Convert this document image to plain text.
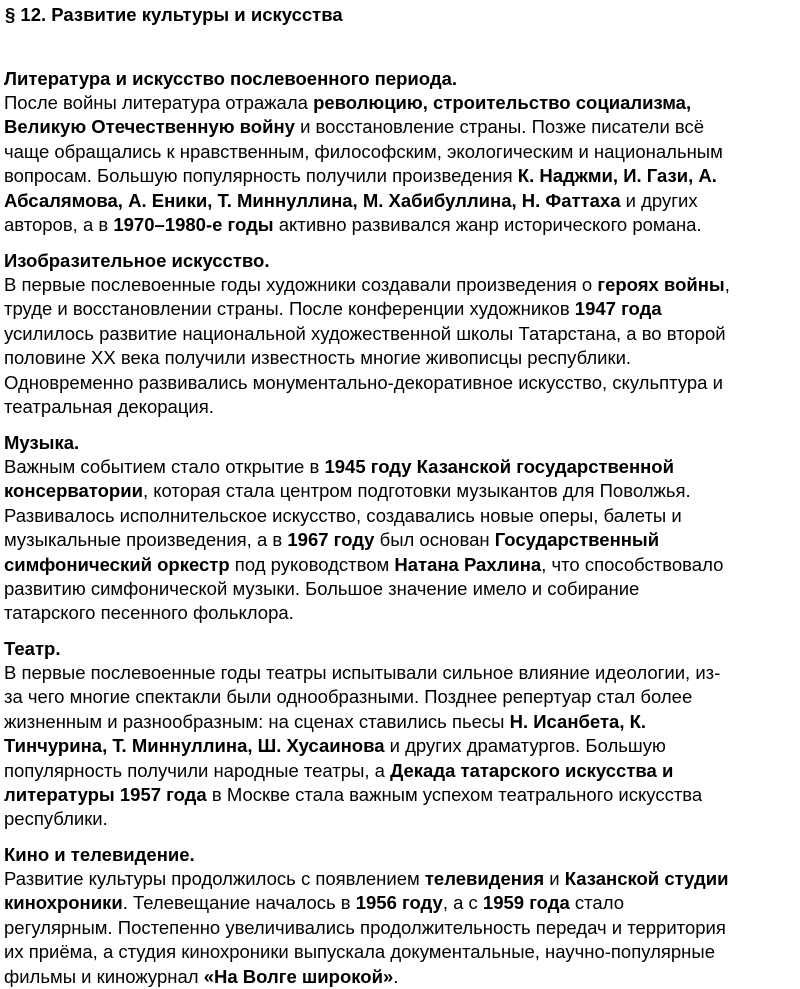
§ 12. Развитие культуры и искусства
Литература и искусство послевоенного периода.
После войны литература отражала революцию, строительство социализма,
Великую Отечественную войну и восстановление страны. Позже писатели всё
чаще обращались к нравственным, философским, экологическим и национальным
вопросам. Большую популярность получили произведения К. Наджми, И. Гази, А.
Абсалямова, А. Еники, Т. Миннуллина, М. Хабибуллина, Н. Фаттаха и других
авторов, а в 1970–1980-е годы активно развивался жанр исторического романа.
Изобразительное искусство.
В первые послевоенные годы художники создавали произведения о героях войны,
труде и восстановлении страны. После конференции художников 1947 года
усилилось развитие национальной художественной школы Татарстана, а во второй
половине XX века получили известность многие живописцы республики.
Одновременно развивались монументально-декоративное искусство, скульптура и
театральная декорация.
Музыка.
Важным событием стало открытие в 1945 году Казанской государственной
консерватории, которая стала центром подготовки музыкантов для Поволжья.
Развивалось исполнительское искусство, создавались новые оперы, балеты и
музыкальные произведения, а в 1967 году был основан Государственный
симфонический оркестр под руководством Натана Рахлина, что способствовало
развитию симфонической музыки. Большое значение имело и собирание
татарского песенного фольклора.
Театр.
В первые послевоенные годы театры испытывали сильное влияние идеологии, из-
за чего многие спектакли были однообразными. Позднее репертуар стал более
жизненным и разнообразным: на сценах ставились пьесы Н. Исанбета, К.
Тинчурина, Т. Миннуллина, Ш. Хусаинова и других драматургов. Большую
популярность получили народные театры, а Декада татарского искусства и
литературы 1957 года в Москве стала важным успехом театрального искусства
республики.
Кино и телевидение.
Развитие культуры продолжилось с появлением телевидения и Казанской студии
кинохроники. Телевещание началось в 1956 году, а с 1959 года стало
регулярным. Постепенно увеличивались продолжительность передач и территория
их приёма, а студия кинохроники выпускала документальные, научно-популярные
фильмы и киножурнал «На Волге широкой».
